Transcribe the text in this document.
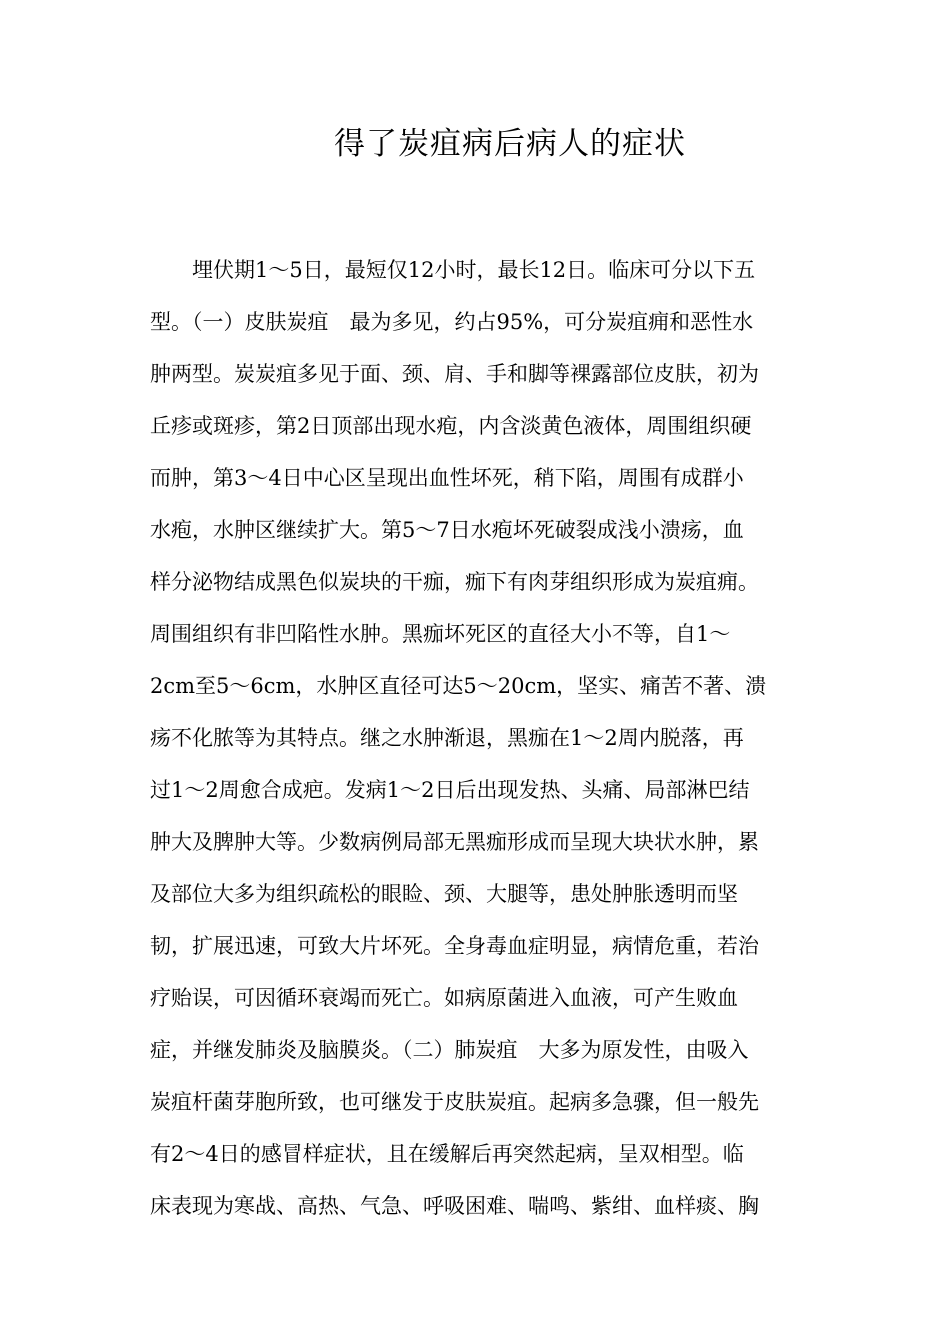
得了炭疽病后病人的症状
埋伏期1～5日，最短仅12小时，最长12日。临床可分以下五
型。（一）皮肤炭疽　最为多见，约占95%，可分炭疽痈和恶性水
肿两型。炭炭疽多见于面、颈、肩、手和脚等裸露部位皮肤，初为
丘疹或斑疹，第2日顶部出现水疱，内含淡黄色液体，周围组织硬
而肿，第3～4日中心区呈现出血性坏死，稍下陷，周围有成群小
水疱，水肿区继续扩大。第5～7日水疱坏死破裂成浅小溃疡，血
样分泌物结成黑色似炭块的干痂，痂下有肉芽组织形成为炭疽痈。
周围组织有非凹陷性水肿。黑痂坏死区的直径大小不等，自1～
2cm至5～6cm，水肿区直径可达5～20cm，坚实、痛苦不著、溃
疡不化脓等为其特点。继之水肿渐退，黑痂在1～2周内脱落，再
过1～2周愈合成疤。发病1～2日后出现发热、头痛、局部淋巴结
肿大及脾肿大等。少数病例局部无黑痂形成而呈现大块状水肿，累
及部位大多为组织疏松的眼睑、颈、大腿等，患处肿胀透明而坚
韧，扩展迅速，可致大片坏死。全身毒血症明显，病情危重，若治
疗贻误，可因循环衰竭而死亡。如病原菌进入血液，可产生败血
症，并继发肺炎及脑膜炎。（二）肺炭疽　大多为原发性，由吸入
炭疽杆菌芽胞所致，也可继发于皮肤炭疽。起病多急骤，但一般先
有2～4日的感冒样症状，且在缓解后再突然起病，呈双相型。临
床表现为寒战、高热、气急、呼吸困难、喘鸣、紫绀、血样痰、胸
